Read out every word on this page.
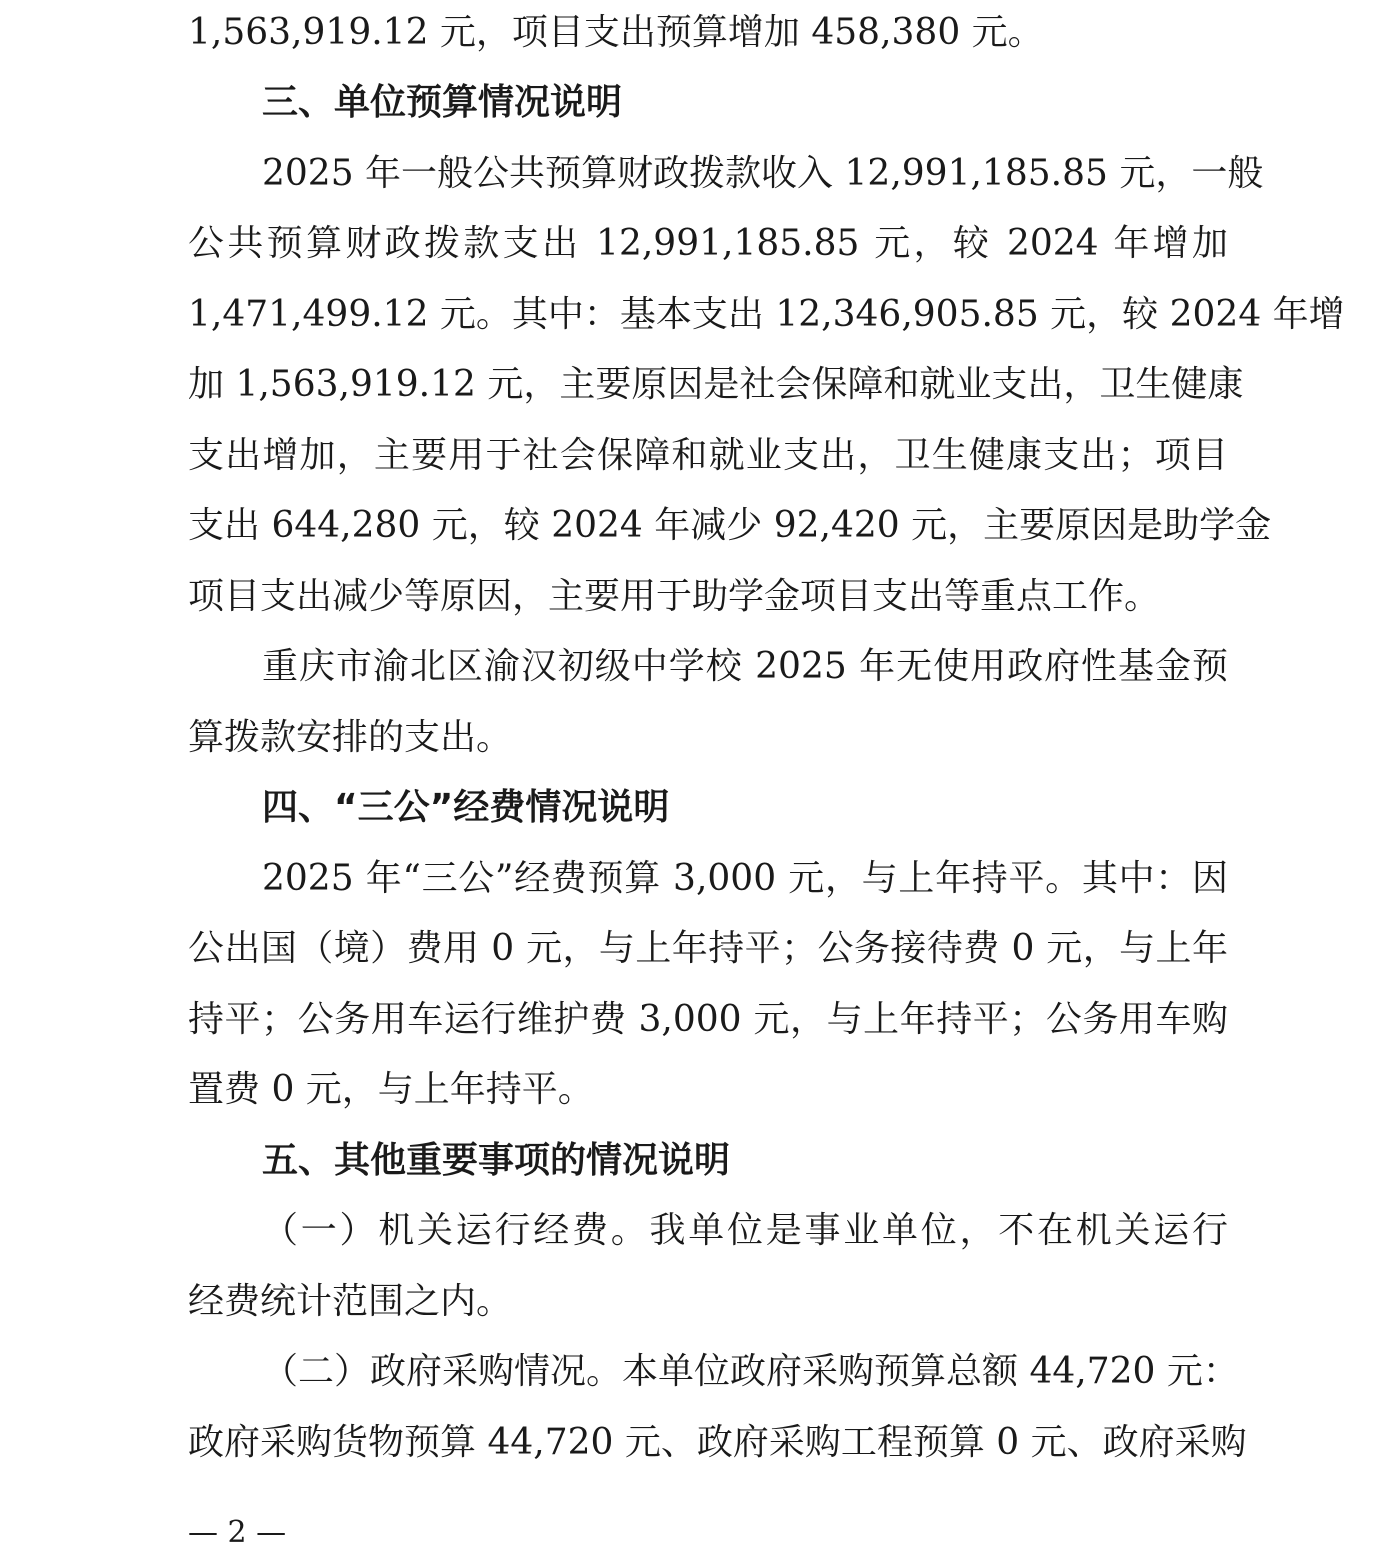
1,563,919.12 元，项目支出预算增加 458,380 元。
三、单位预算情况说明
2025 年一般公共预算财政拨款收入 12,991,185.85 元，一般
公共预算财政拨款支出 12,991,185.85 元，较 2024 年增加
1,471,499.12 元。其中：基本支出 12,346,905.85 元，较 2024 年增
加 1,563,919.12 元，主要原因是社会保障和就业支出，卫生健康
支出增加，主要用于社会保障和就业支出，卫生健康支出；项目
支出 644,280 元，较 2024 年减少 92,420 元，主要原因是助学金
项目支出减少等原因，主要用于助学金项目支出等重点工作。
重庆市渝北区渝汉初级中学校 2025 年无使用政府性基金预
算拨款安排的支出。
四、“三公”经费情况说明
2025 年“三公”经费预算 3,000 元，与上年持平。其中：因
公出国（境）费用 0 元，与上年持平；公务接待费 0 元，与上年
持平；公务用车运行维护费 3,000 元，与上年持平；公务用车购
置费 0 元，与上年持平。
五、其他重要事项的情况说明
（一）机关运行经费。我单位是事业单位，不在机关运行
经费统计范围之内。
（二）政府采购情况。本单位政府采购预算总额 44,720 元：
政府采购货物预算 44,720 元、政府采购工程预算 0 元、政府采购
— 2 —
